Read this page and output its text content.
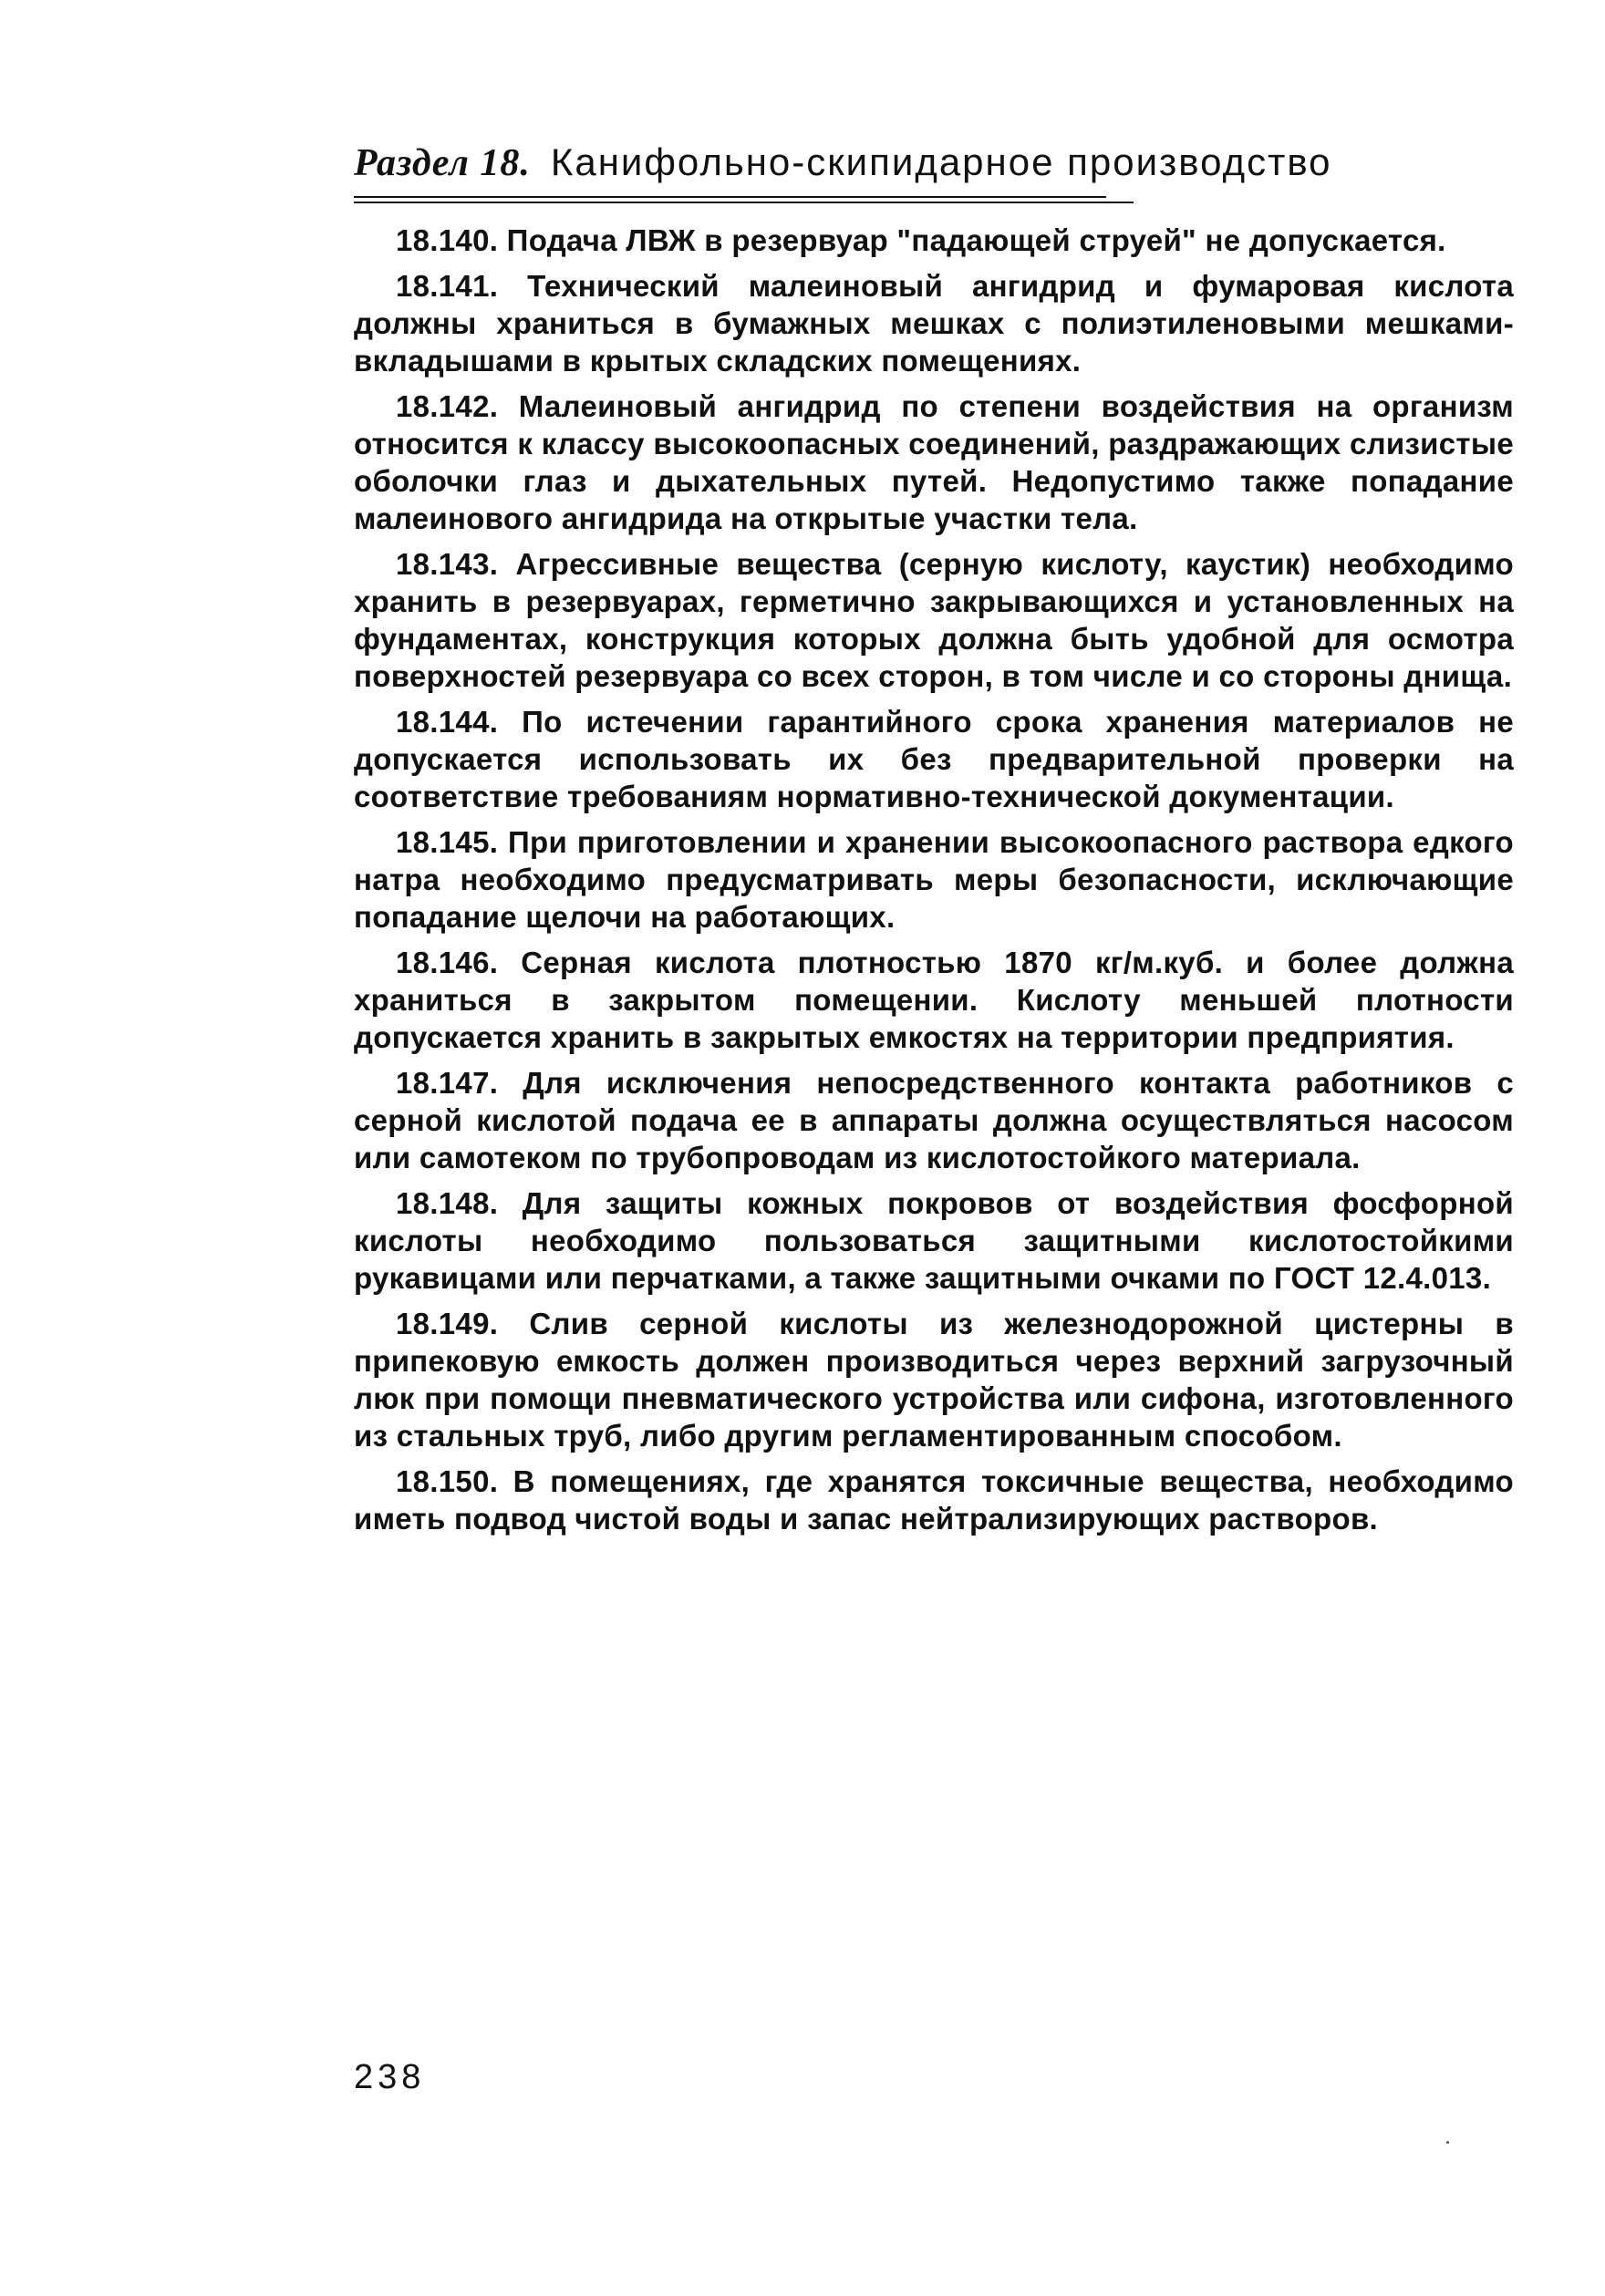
Раздел 18. Канифольно-скипидарное производство

18.140. Подача ЛВЖ в резервуар "падающей струей" не допускается.

18.141. Технический малеиновый ангидрид и фумаровая кислота должны храниться в бумажных мешках с полиэтиленовыми мешками-вкладышами в крытых складских помещениях.

18.142. Малеиновый ангидрид по степени воздействия на организм относится к классу высокоопасных соединений, раздражающих слизистые оболочки глаз и дыхательных путей. Недопустимо также попадание малеинового ангидрида на открытые участки тела.

18.143. Агрессивные вещества (серную кислоту, каустик) необходимо хранить в резервуарах, герметично закрывающихся и установленных на фундаментах, конструкция которых должна быть удобной для осмотра поверхностей резервуара со всех сторон, в том числе и со стороны днища.

18.144. По истечении гарантийного срока хранения материалов не допускается использовать их без предварительной проверки на соответствие требованиям нормативно-технической документации.

18.145. При приготовлении и хранении высокоопасного раствора едкого натра необходимо предусматривать меры безопасности, исключающие попадание щелочи на работающих.

18.146. Серная кислота плотностью 1870 кг/м.куб. и более должна храниться в закрытом помещении. Кислоту меньшей плотности допускается хранить в закрытых емкостях на территории предприятия.

18.147. Для исключения непосредственного контакта работников с серной кислотой подача ее в аппараты должна осуществляться насосом или самотеком по трубопроводам из кислотостойкого материала.

18.148. Для защиты кожных покровов от воздействия фосфорной кислоты необходимо пользоваться защитными кислотостойкими рукавицами или перчатками, а также защитными очками по ГОСТ 12.4.013.

18.149. Слив серной кислоты из железнодорожной цистерны в припековую емкость должен производиться через верхний загрузочный люк при помощи пневматического устройства или сифона, изготовленного из стальных труб, либо другим регламентированным способом.

18.150. В помещениях, где хранятся токсичные вещества, необходимо иметь подвод чистой воды и запас нейтрализирующих растворов.

238
